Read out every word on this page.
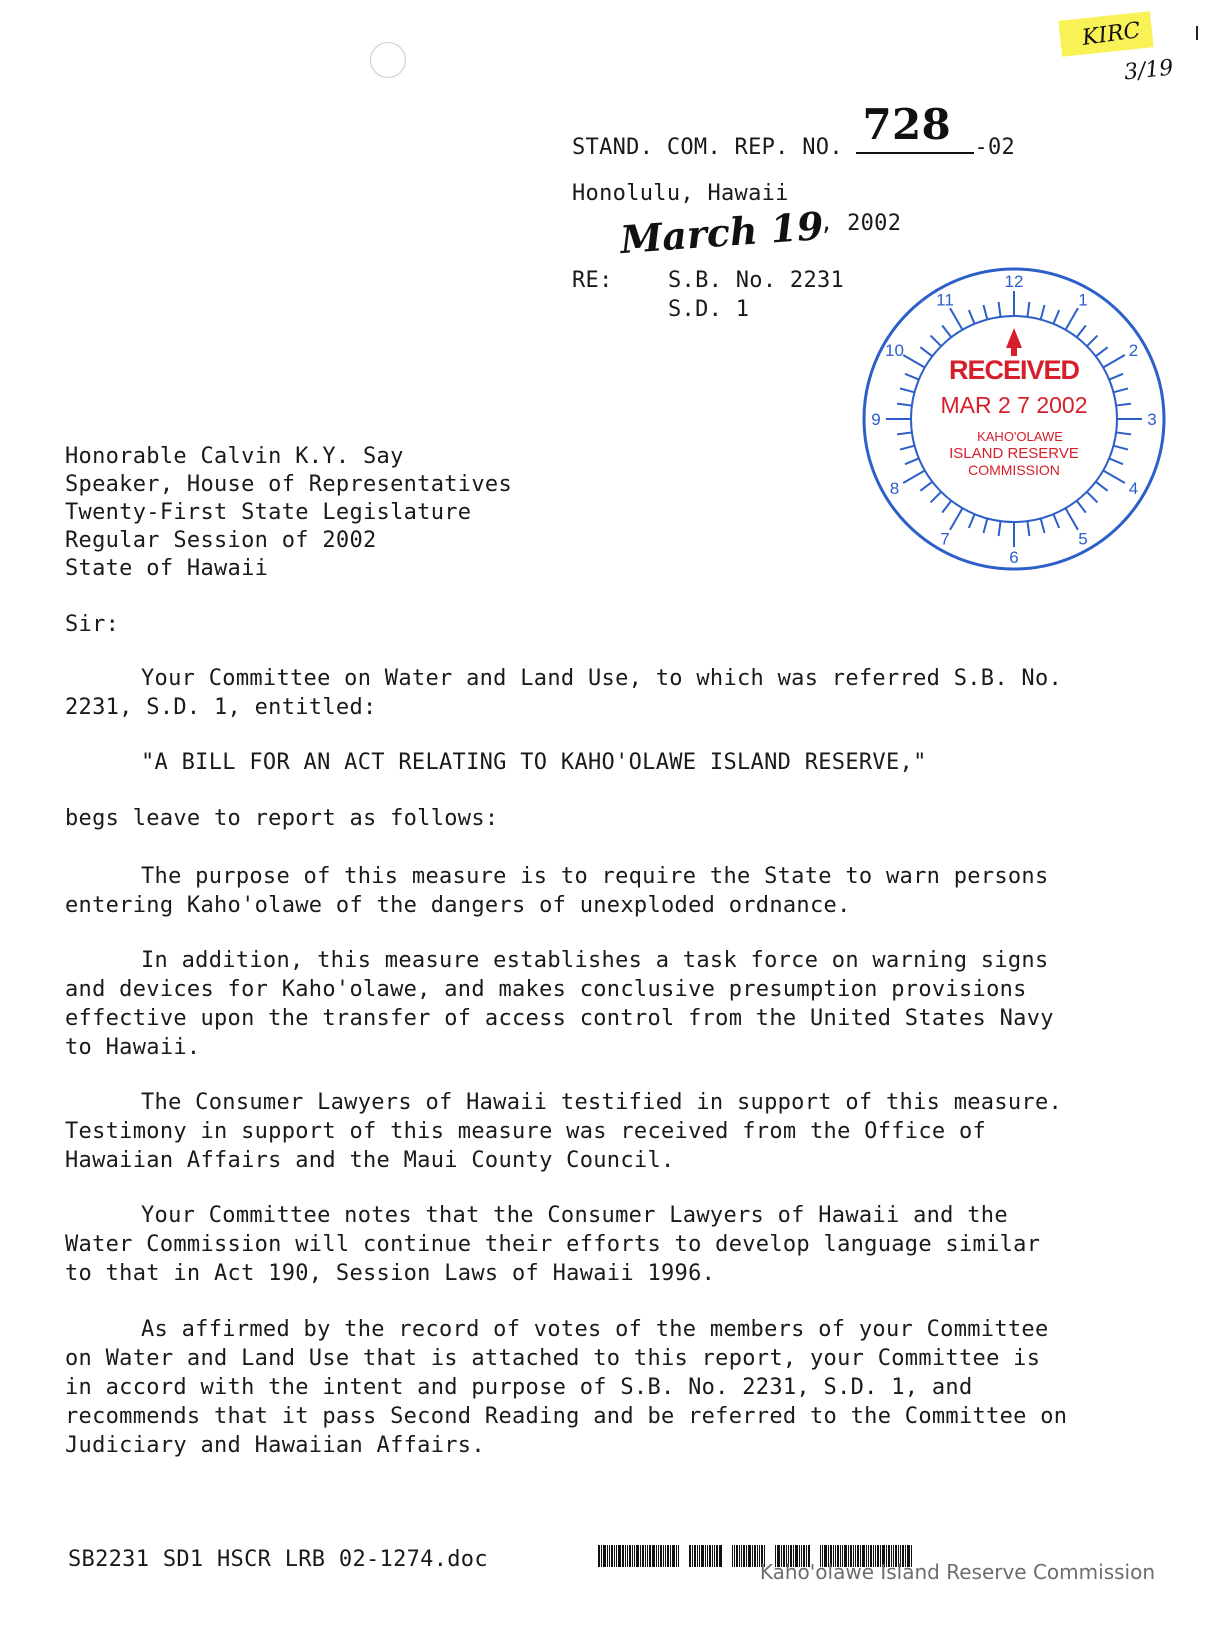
KIRC
3/19
STAND. COM. REP. NO. 728 -02
Honolulu, Hawaii
March 19
, 2002
RE:	S.B. No. 2231
S.D. 1
12
1
2
3
4
5
6
7
8
9
10
11
RECEIVED
MAR 2 7 2002
KAHO'OLAWE
ISLAND RESERVE
COMMISSION
Honorable Calvin K.Y. Say
Speaker, House of Representatives
Twenty-First State Legislature
Regular Session of 2002
State of Hawaii
Sir:
Your Committee on Water and Land Use, to which was referred S.B. No. 2231, S.D. 1, entitled:
"A BILL FOR AN ACT RELATING TO KAHO'OLAWE ISLAND RESERVE,"
begs leave to report as follows:
The purpose of this measure is to require the State to warn persons entering Kaho'olawe of the dangers of unexploded ordnance.
In addition, this measure establishes a task force on warning signs and devices for Kaho'olawe, and makes conclusive presumption provisions effective upon the transfer of access control from the United States Navy to Hawaii.
The Consumer Lawyers of Hawaii testified in support of this measure. Testimony in support of this measure was received from the Office of Hawaiian Affairs and the Maui County Council.
Your Committee notes that the Consumer Lawyers of Hawaii and the Water Commission will continue their efforts to develop language similar to that in Act 190, Session Laws of Hawaii 1996.
As affirmed by the record of votes of the members of your Committee on Water and Land Use that is attached to this report, your Committee is in accord with the intent and purpose of S.B. No. 2231, S.D. 1, and recommends that it pass Second Reading and be referred to the Committee on Judiciary and Hawaiian Affairs.
SB2231 SD1 HSCR LRB 02-1274.doc	Kaho'olawe Island Reserve Commission
